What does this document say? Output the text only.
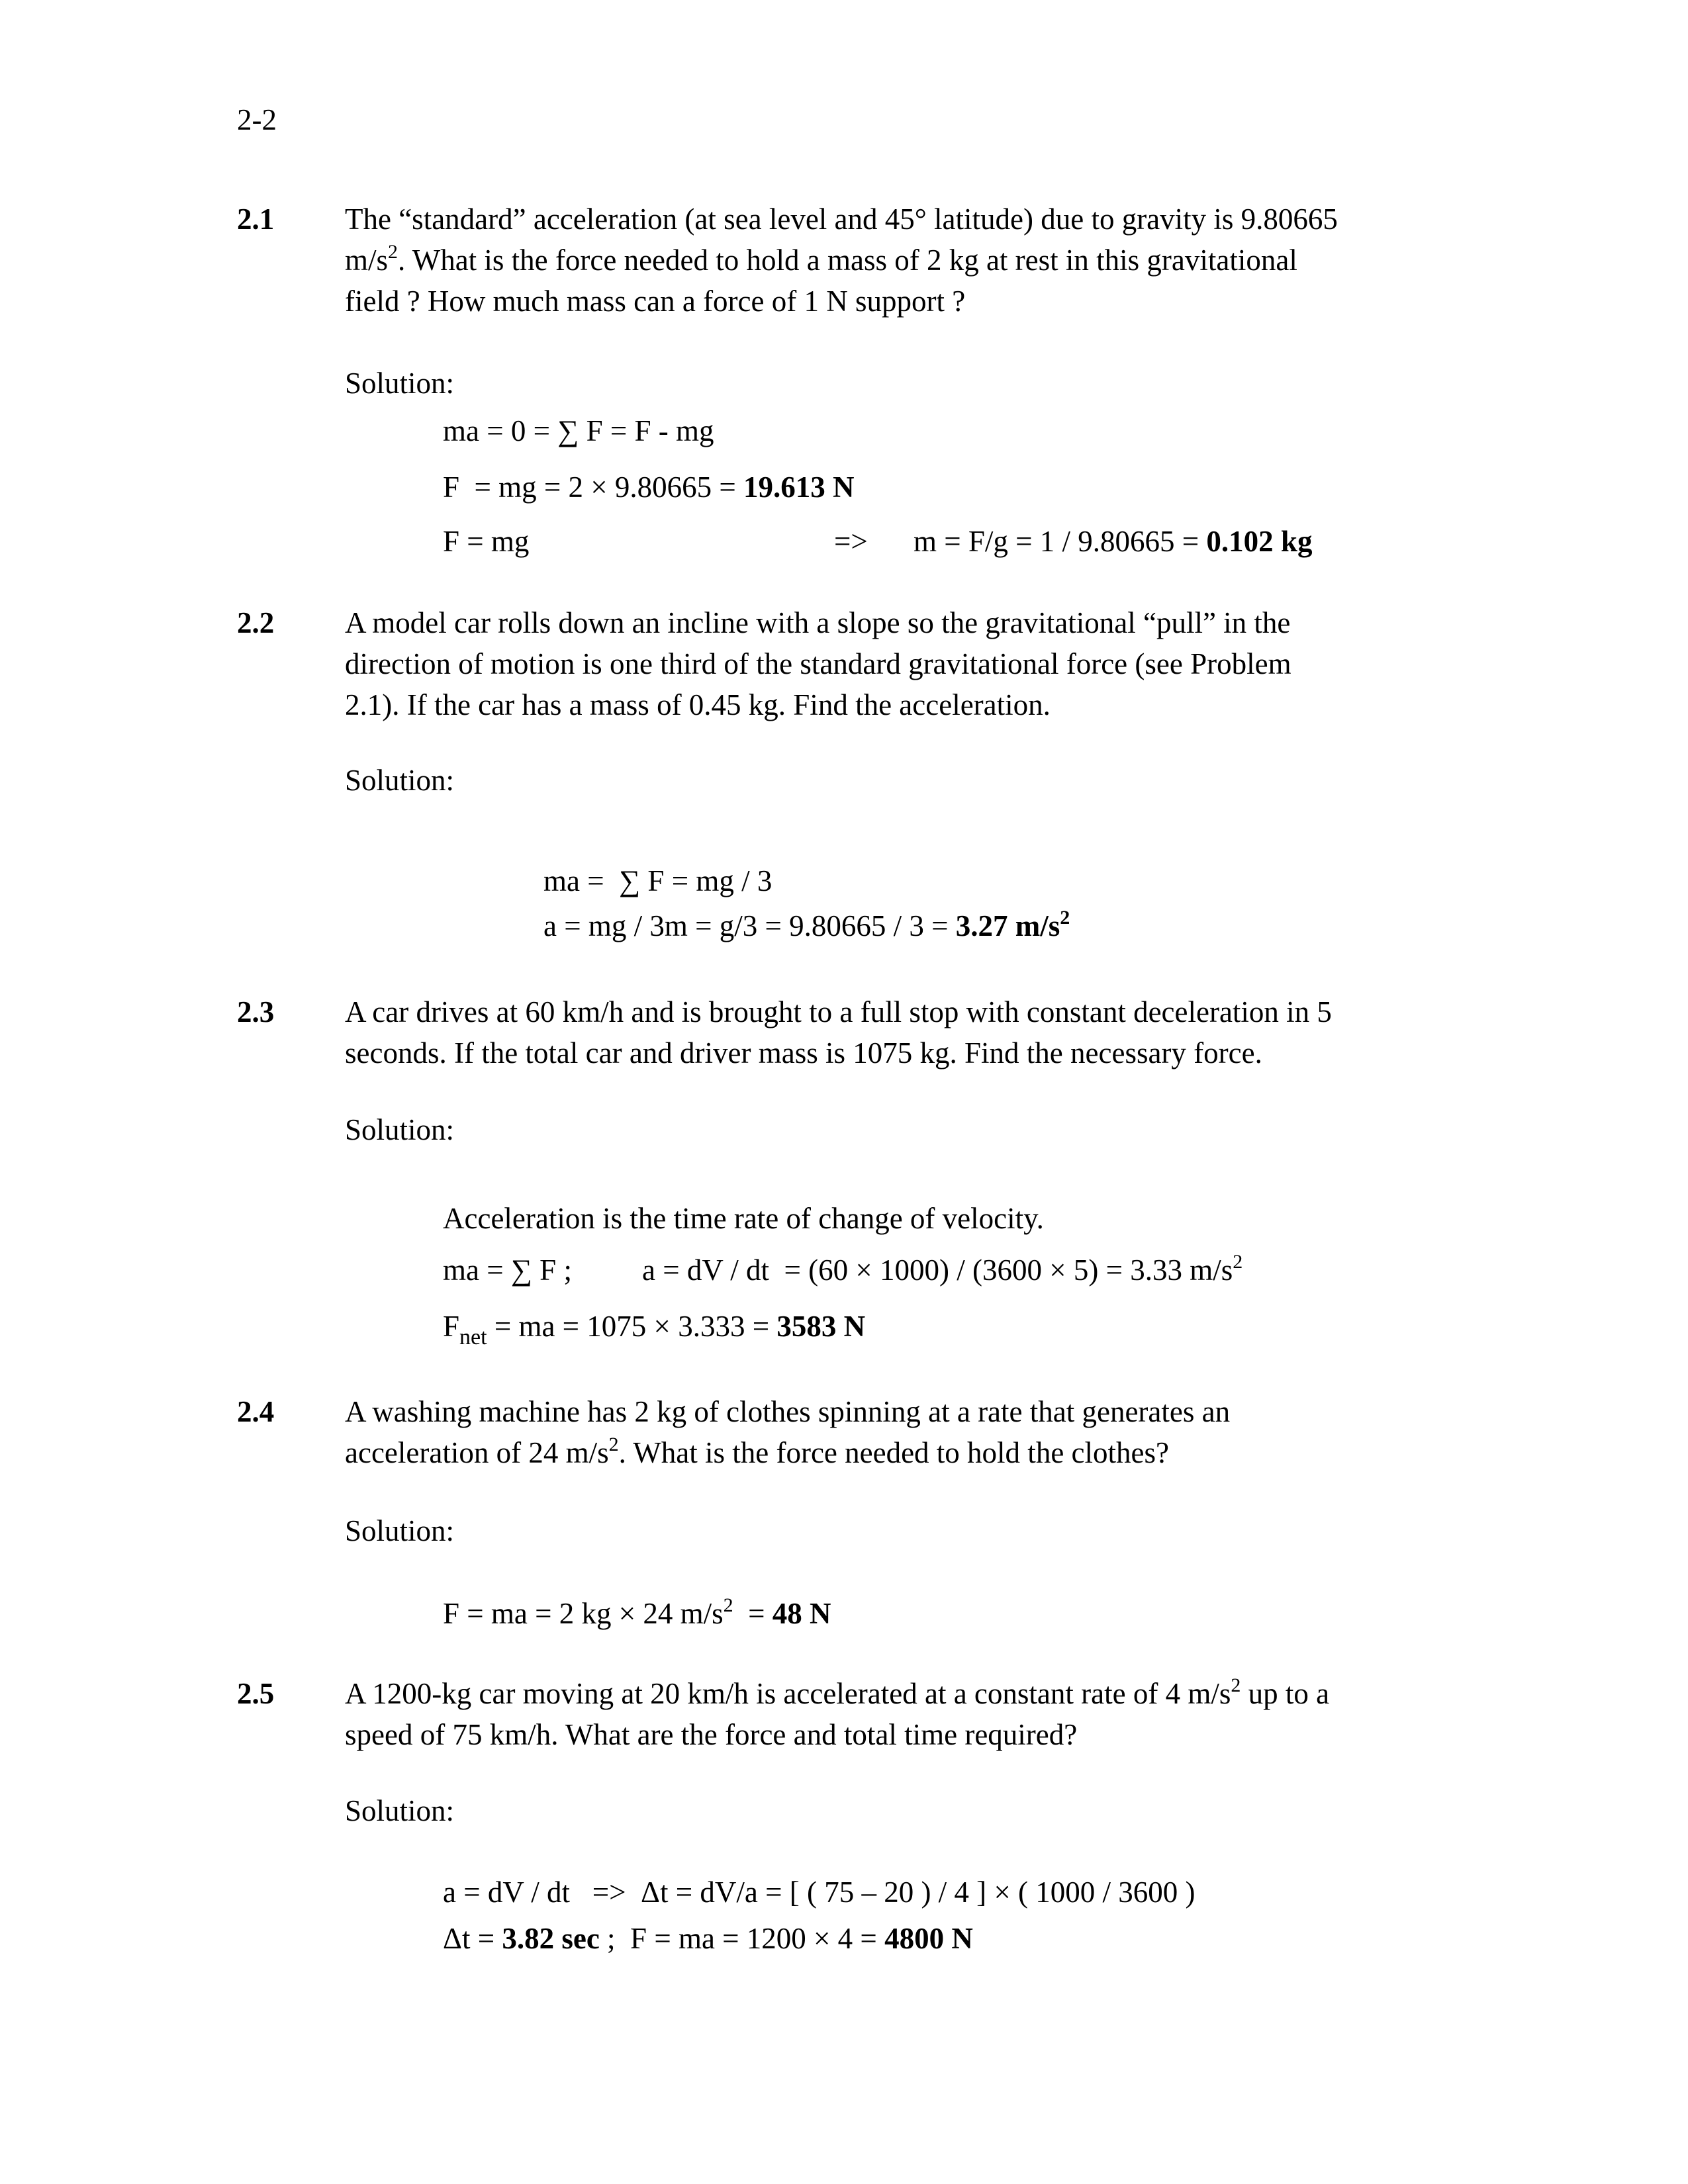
2-2
2.1 The “standard” acceleration (at sea level and 45° latitude) due to gravity is 9.80665

$m/s^2$. What is the force needed to hold a mass of 2 kg at rest in this gravitational

field ? How much mass can a force of 1 N support ?

Solution:
ma = 0 = ∑ F = F - mg
F  = mg = 2 × 9.80665 = 19.613 N
F = mg	=> m = F/g = 1 / 9.80665 = 0.102 kg
2.2 A model car rolls down an incline with a slope so the gravitational “pull” in the

direction of motion is one third of the standard gravitational force (see Problem

2.1). If the car has a mass of 0.45 kg. Find the acceleration.

Solution:
ma =  ∑ F = mg / 3
a = mg / 3m = g/3 = 9.80665 / 3 = 3.27 $m/s^2$
2.3 A car drives at 60 km/h and is brought to a full stop with constant deceleration in 5

seconds. If the total car and driver mass is 1075 kg. Find the necessary force.

Solution:
Acceleration is the time rate of change of velocity.
ma = ∑ F ; a = dV / dt  = (60 × 1000) / (3600 × 5) = 3.33 $m/s^2$
$F_{net}$ = ma = 1075 × 3.333 = 3583 N
2.4 A washing machine has 2 kg of clothes spinning at a rate that generates an

acceleration of 24 $m/s^2$. What is the force needed to hold the clothes?

Solution:
F = ma = 2 kg × 24 $m/s^2 = 48$ N
2.5 A 1200-kg car moving at 20 km/h is accelerated at a constant rate of 4 $m/s^2$ up to a

speed of 75 km/h. What are the force and total time required?

Solution:
a = dV / dt   =>  Δt = dV/a = [ ( 75 – 20 ) / 4 ] × ( 1000 / 3600 )
Δt = 3.82 sec ;  F = ma = 1200 × 4 = 4800 N
